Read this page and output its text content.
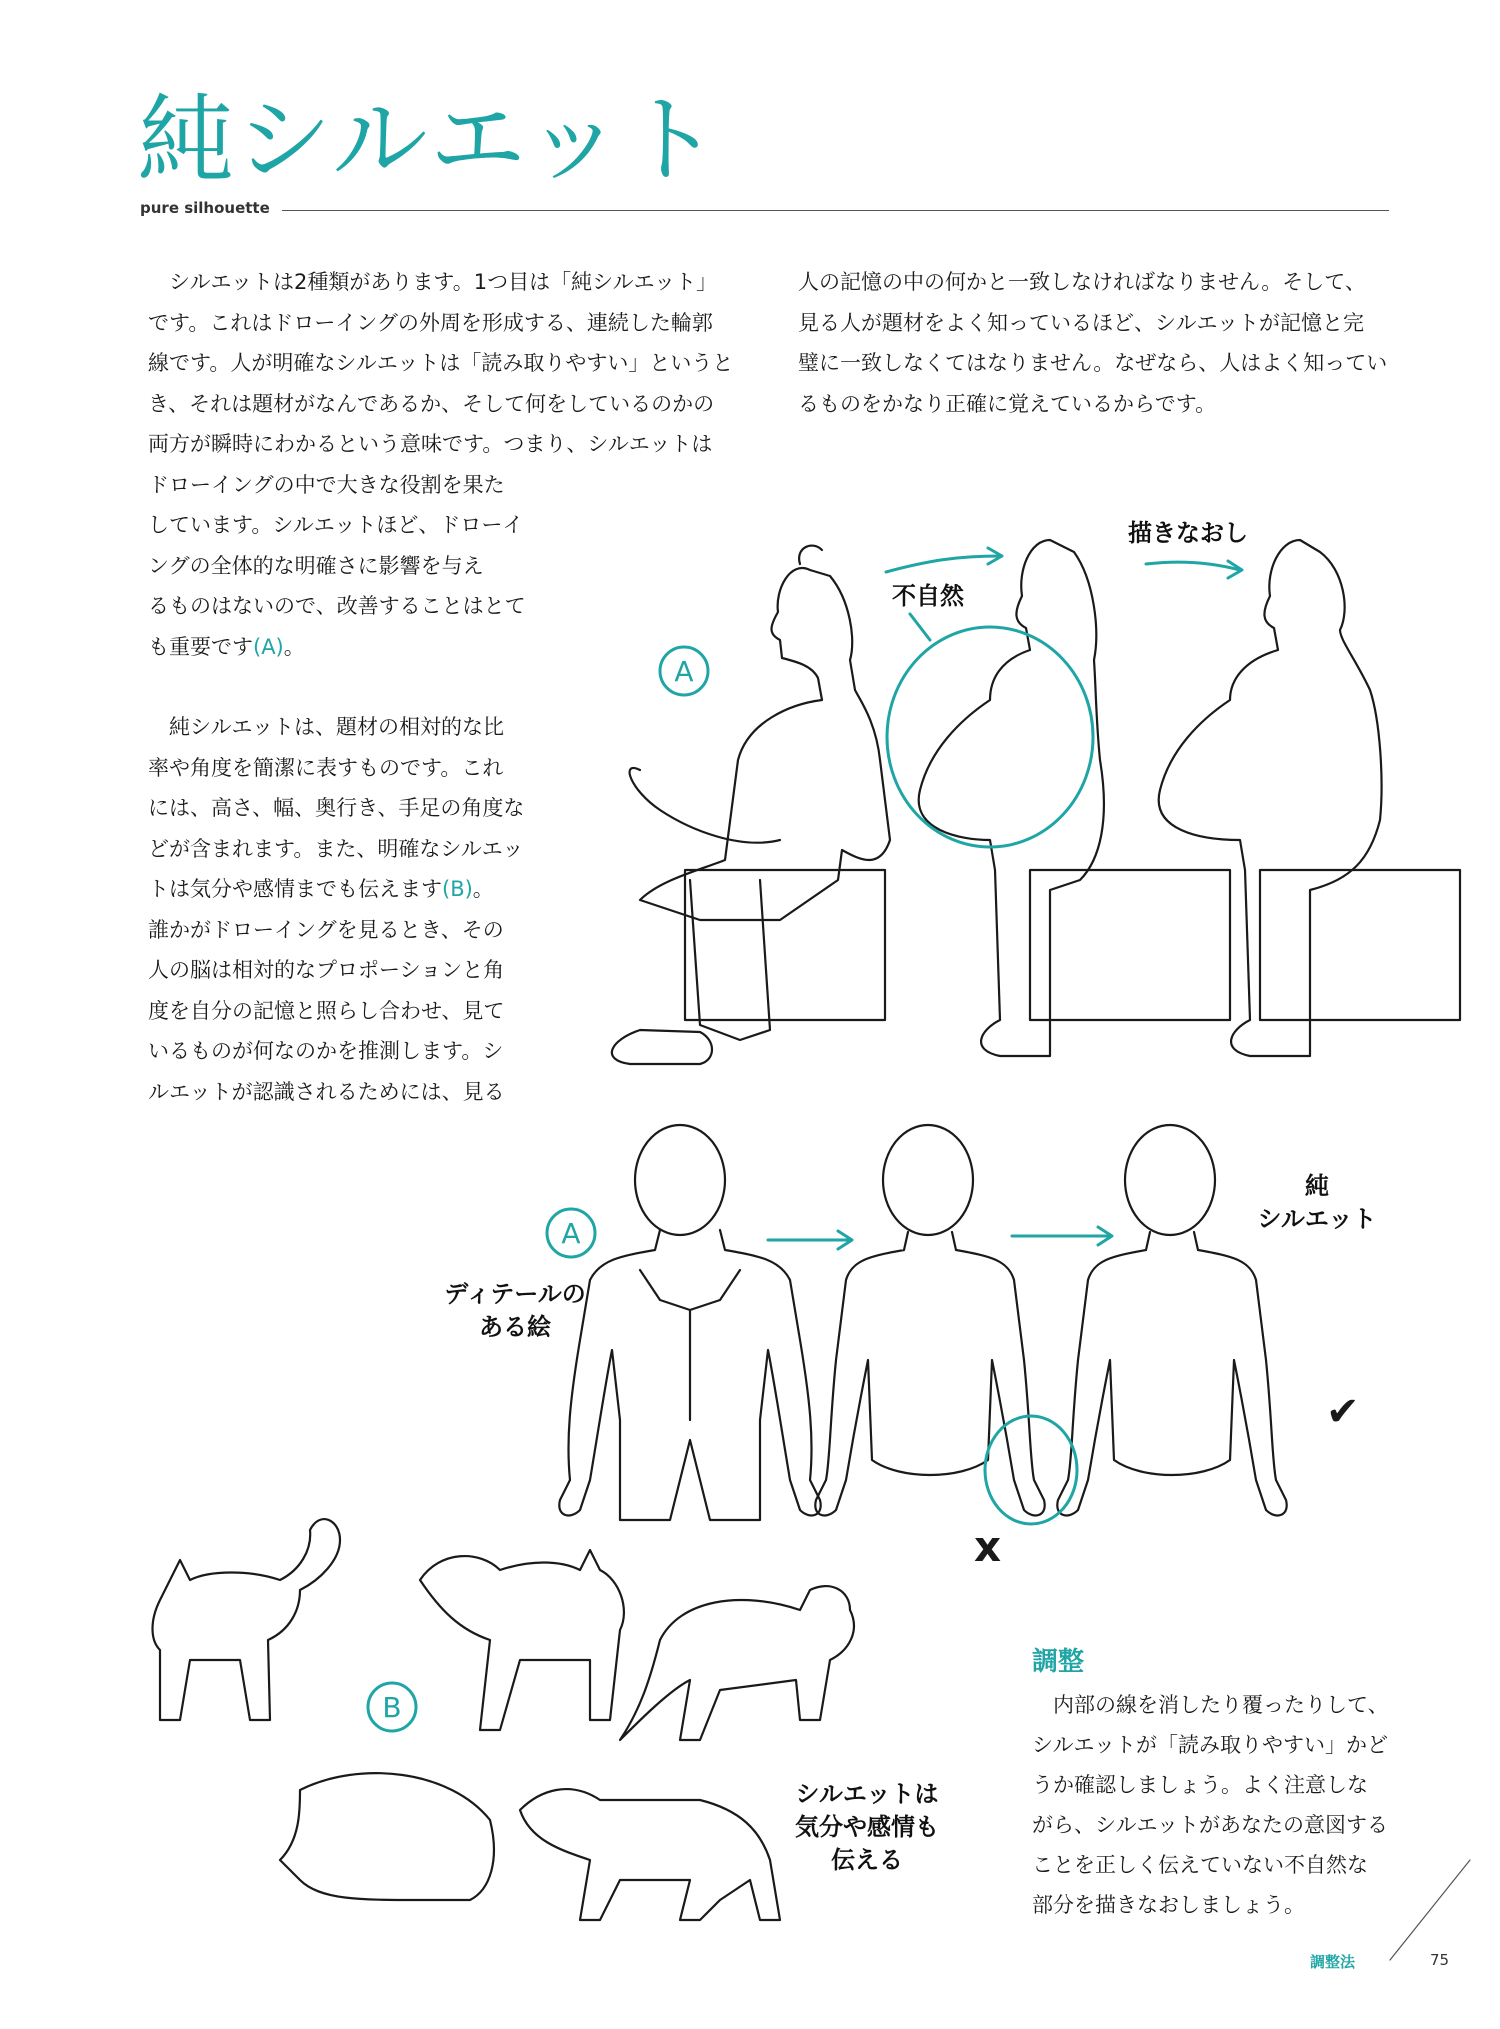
純シルエット
pure silhouette

　シルエットは2種類があります。1つ目は「純シルエット」

です。これはドローイングの外周を形成する、連続した輪郭

線です。人が明確なシルエットは「読み取りやすい」というと

き、それは題材がなんであるか、そして何をしているのかの

両方が瞬時にわかるという意味です。つまり、シルエットは

ドローイングの中で大きな役割を果た

しています。シルエットほど、ドローイ

ングの全体的な明確さに影響を与え

るものはないので、改善することはとて

も重要です(A)。

　純シルエットは、題材の相対的な比

率や角度を簡潔に表すものです。これ

には、高さ、幅、奥行き、手足の角度な

どが含まれます。また、明確なシルエッ

トは気分や感情までも伝えます(B)。

誰かがドローイングを見るとき、その

人の脳は相対的なプロポーションと角

度を自分の記憶と照らし合わせ、見て

いるものが何なのかを推測します。シ

ルエットが認識されるためには、見る

人の記憶の中の何かと一致しなければなりません。そして、

見る人が題材をよく知っているほど、シルエットが記憶と完

璧に一致しなくてはなりません。なぜなら、人はよく知ってい

るものをかなり正確に覚えているからです。

A
A
B
不自然
描きなおし
ディテールの
ある絵
純
シルエット
x
✔
シルエットは
気分や感情も
伝える
調整

　内部の線を消したり覆ったりして、

シルエットが「読み取りやすい」かど

うか確認しましょう。よく注意しな

がら、シルエットがあなたの意図する

ことを正しく伝えていない不自然な

部分を描きなおしましょう。

調整法	75
